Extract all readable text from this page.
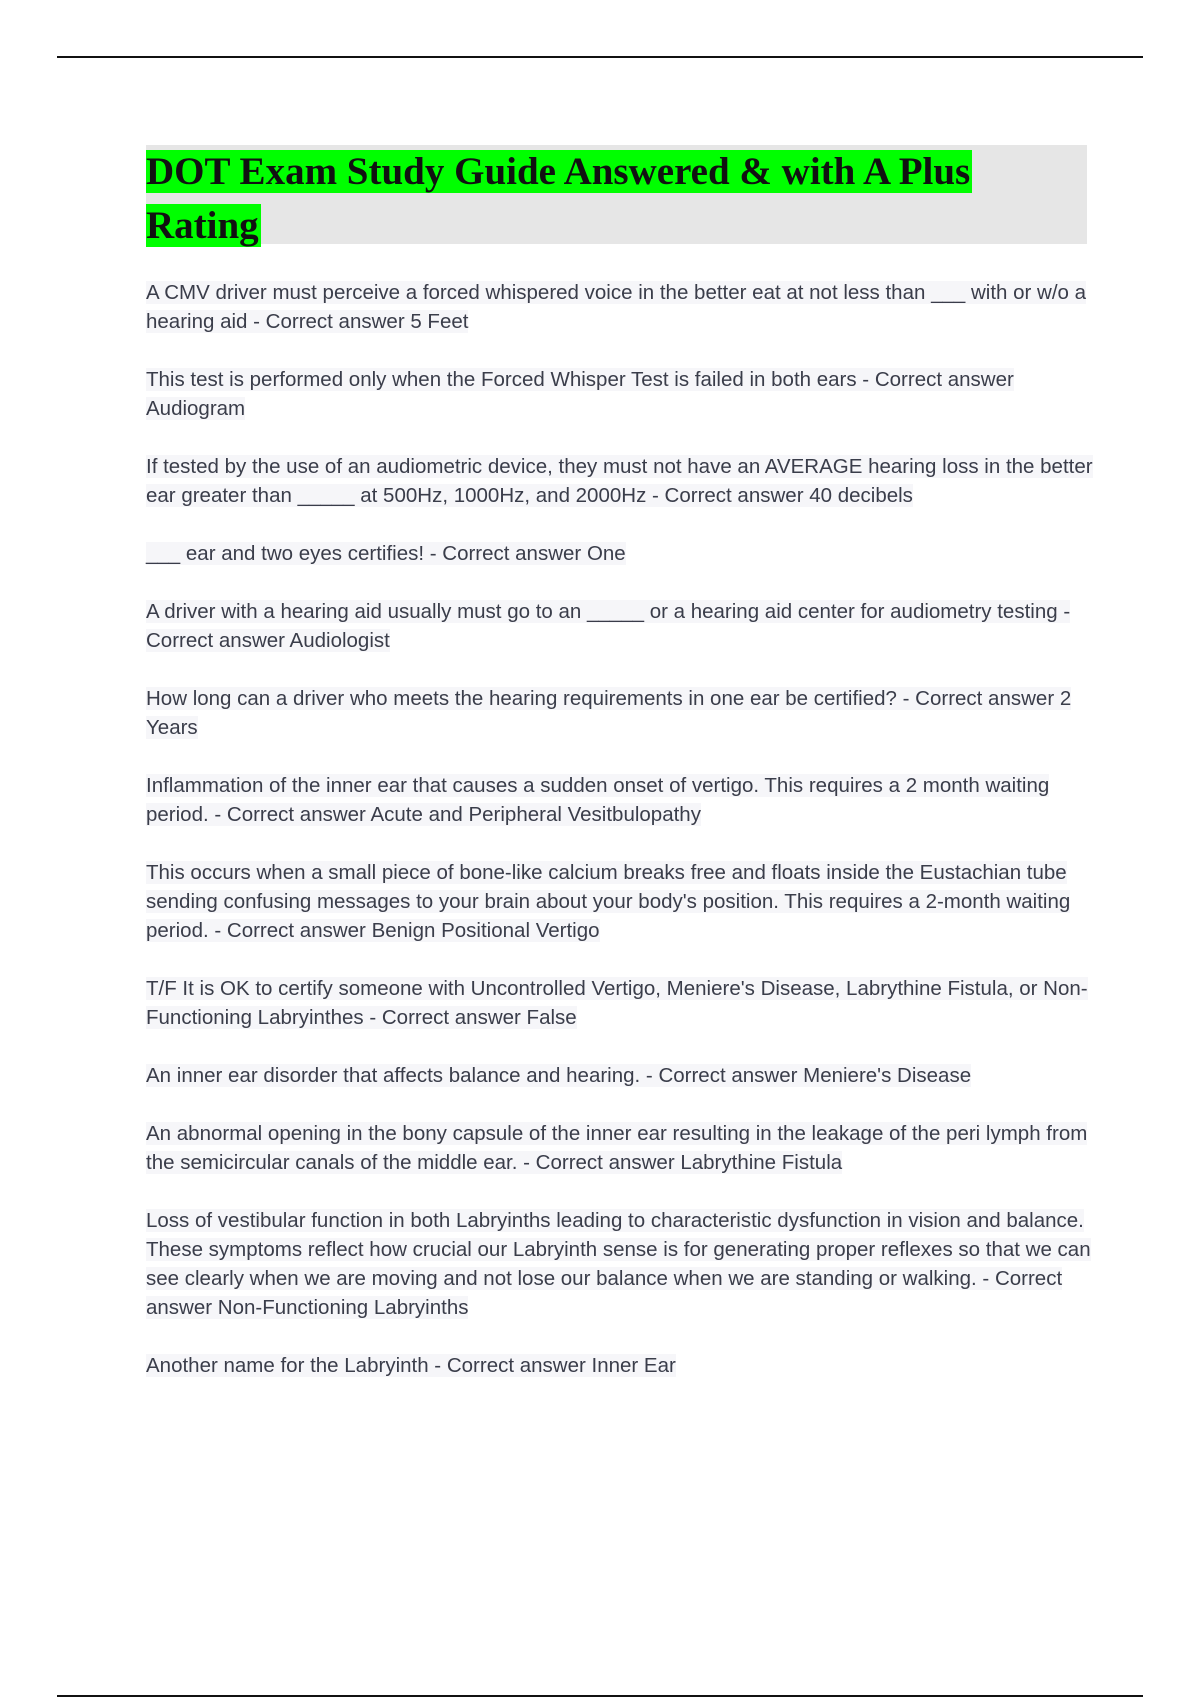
DOT Exam Study Guide Answered & with A Plus Rating
A CMV driver must perceive a forced whispered voice in the better eat at not less than ___ with or w/o a hearing aid - Correct answer 5 Feet
This test is performed only when the Forced Whisper Test is failed in both ears - Correct answer Audiogram
If tested by the use of an audiometric device, they must not have an AVERAGE hearing loss in the better ear greater than _____ at 500Hz, 1000Hz, and 2000Hz - Correct answer 40 decibels
___ ear and two eyes certifies! - Correct answer One
A driver with a hearing aid usually must go to an _____ or a hearing aid center for audiometry testing - Correct answer Audiologist
How long can a driver who meets the hearing requirements in one ear be certified? - Correct answer 2 Years
Inflammation of the inner ear that causes a sudden onset of vertigo. This requires a 2 month waiting period. - Correct answer Acute and Peripheral Vesitbulopathy
This occurs when a small piece of bone-like calcium breaks free and floats inside the Eustachian tube sending confusing messages to your brain about your body's position. This requires a 2-month waiting period. - Correct answer Benign Positional Vertigo
T/F It is OK to certify someone with Uncontrolled Vertigo, Meniere's Disease, Labrythine Fistula, or Non-Functioning Labryinthes - Correct answer False
An inner ear disorder that affects balance and hearing. - Correct answer Meniere's Disease
An abnormal opening in the bony capsule of the inner ear resulting in the leakage of the peri lymph from the semicircular canals of the middle ear. - Correct answer Labrythine Fistula
Loss of vestibular function in both Labryinths leading to characteristic dysfunction in vision and balance. These symptoms reflect how crucial our Labryinth sense is for generating proper reflexes so that we can see clearly when we are moving and not lose our balance when we are standing or walking. - Correct answer Non-Functioning Labryinths
Another name for the Labryinth - Correct answer Inner Ear
